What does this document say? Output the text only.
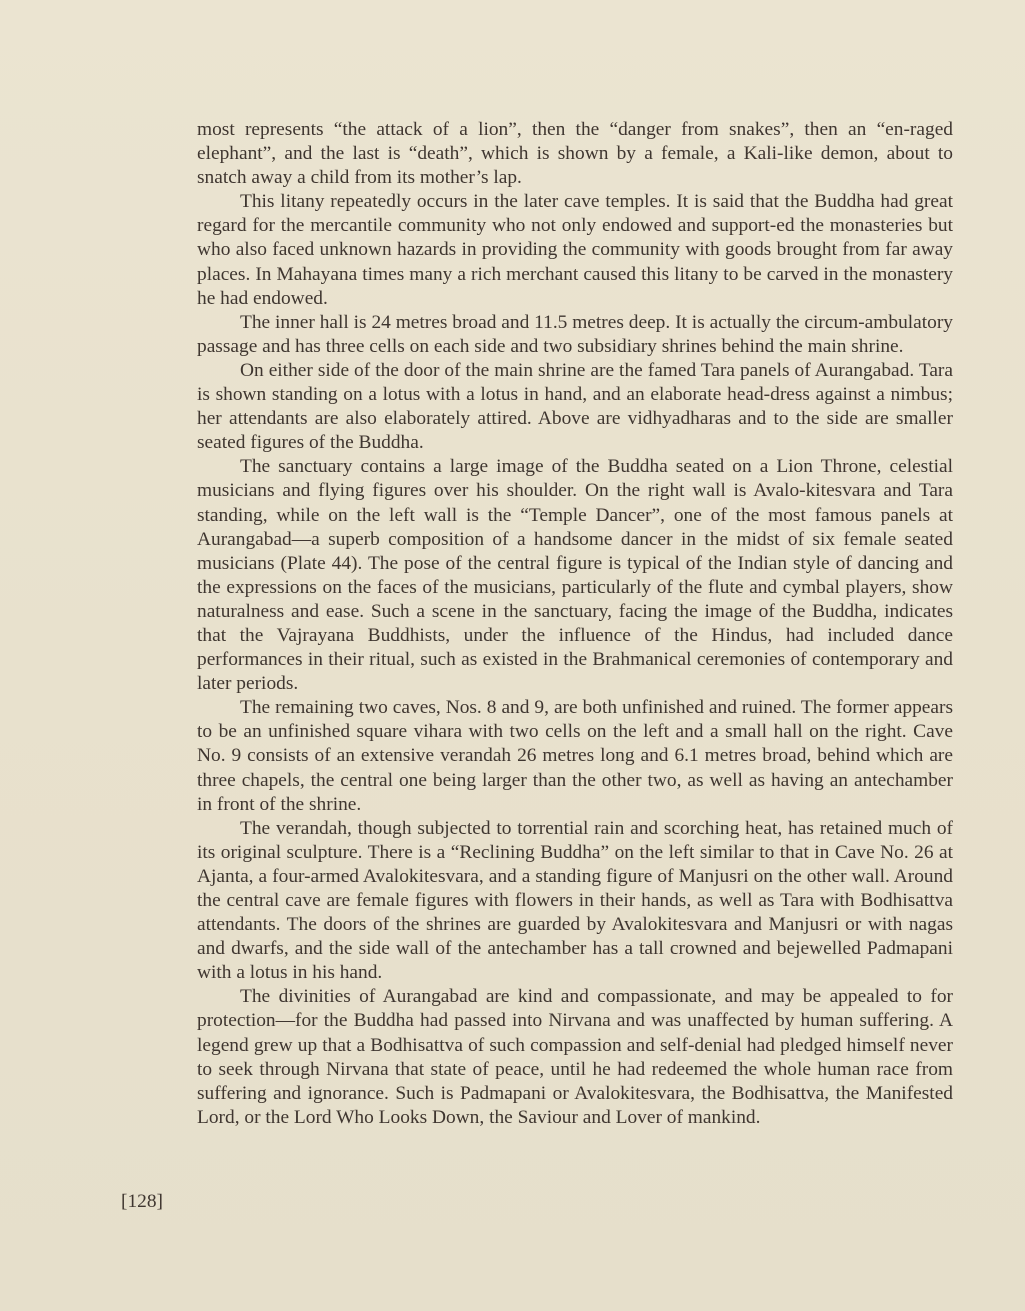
most represents “the attack of a lion”, then the “danger from snakes”, then an “en-raged elephant”, and the last is “death”, which is shown by a female, a Kali-like demon, about to snatch away a child from its mother’s lap.

This litany repeatedly occurs in the later cave temples. It is said that the Buddha had great regard for the mercantile community who not only endowed and support-ed the monasteries but who also faced unknown hazards in providing the community with goods brought from far away places. In Mahayana times many a rich merchant caused this litany to be carved in the monastery he had endowed.

The inner hall is 24 metres broad and 11.5 metres deep. It is actually the circum-ambulatory passage and has three cells on each side and two subsidiary shrines behind the main shrine.

On either side of the door of the main shrine are the famed Tara panels of Aurangabad. Tara is shown standing on a lotus with a lotus in hand, and an elaborate head-dress against a nimbus; her attendants are also elaborately attired. Above are vidhyadharas and to the side are smaller seated figures of the Buddha.

The sanctuary contains a large image of the Buddha seated on a Lion Throne, celestial musicians and flying figures over his shoulder. On the right wall is Avalo-kitesvara and Tara standing, while on the left wall is the “Temple Dancer”, one of the most famous panels at Aurangabad—a superb composition of a handsome dancer in the midst of six female seated musicians (Plate 44). The pose of the central figure is typical of the Indian style of dancing and the expressions on the faces of the musicians, particularly of the flute and cymbal players, show naturalness and ease. Such a scene in the sanctuary, facing the image of the Buddha, indicates that the Vajrayana Buddhists, under the influence of the Hindus, had included dance performances in their ritual, such as existed in the Brahmanical ceremonies of contemporary and later periods.

The remaining two caves, Nos. 8 and 9, are both unfinished and ruined. The former appears to be an unfinished square vihara with two cells on the left and a small hall on the right. Cave No. 9 consists of an extensive verandah 26 metres long and 6.1 metres broad, behind which are three chapels, the central one being larger than the other two, as well as having an antechamber in front of the shrine.

The verandah, though subjected to torrential rain and scorching heat, has retained much of its original sculpture. There is a “Reclining Buddha” on the left similar to that in Cave No. 26 at Ajanta, a four-armed Avalokitesvara, and a standing figure of Manjusri on the other wall. Around the central cave are female figures with flowers in their hands, as well as Tara with Bodhisattva attendants. The doors of the shrines are guarded by Avalokitesvara and Manjusri or with nagas and dwarfs, and the side wall of the antechamber has a tall crowned and bejewelled Padmapani with a lotus in his hand.

The divinities of Aurangabad are kind and compassionate, and may be appealed to for protection—for the Buddha had passed into Nirvana and was unaffected by human suffering. A legend grew up that a Bodhisattva of such compassion and self-denial had pledged himself never to seek through Nirvana that state of peace, until he had redeemed the whole human race from suffering and ignorance. Such is Padmapani or Avalokitesvara, the Bodhisattva, the Manifested Lord, or the Lord Who Looks Down, the Saviour and Lover of mankind.

[128]
